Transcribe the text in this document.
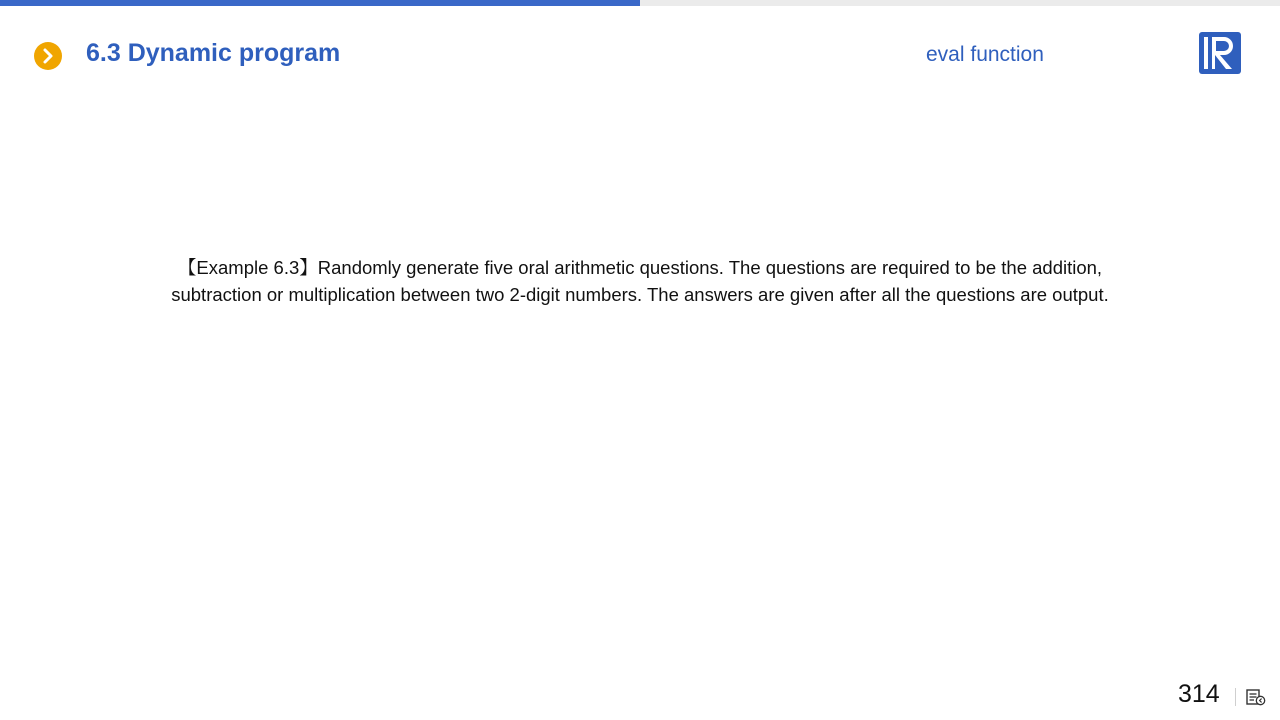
6.3 Dynamic program	eval function
【Example 6.3】Randomly generate five oral arithmetic questions. The questions are required to be the addition,
subtraction or multiplication between two 2-digit numbers. The answers are given after all the questions are output.
314
